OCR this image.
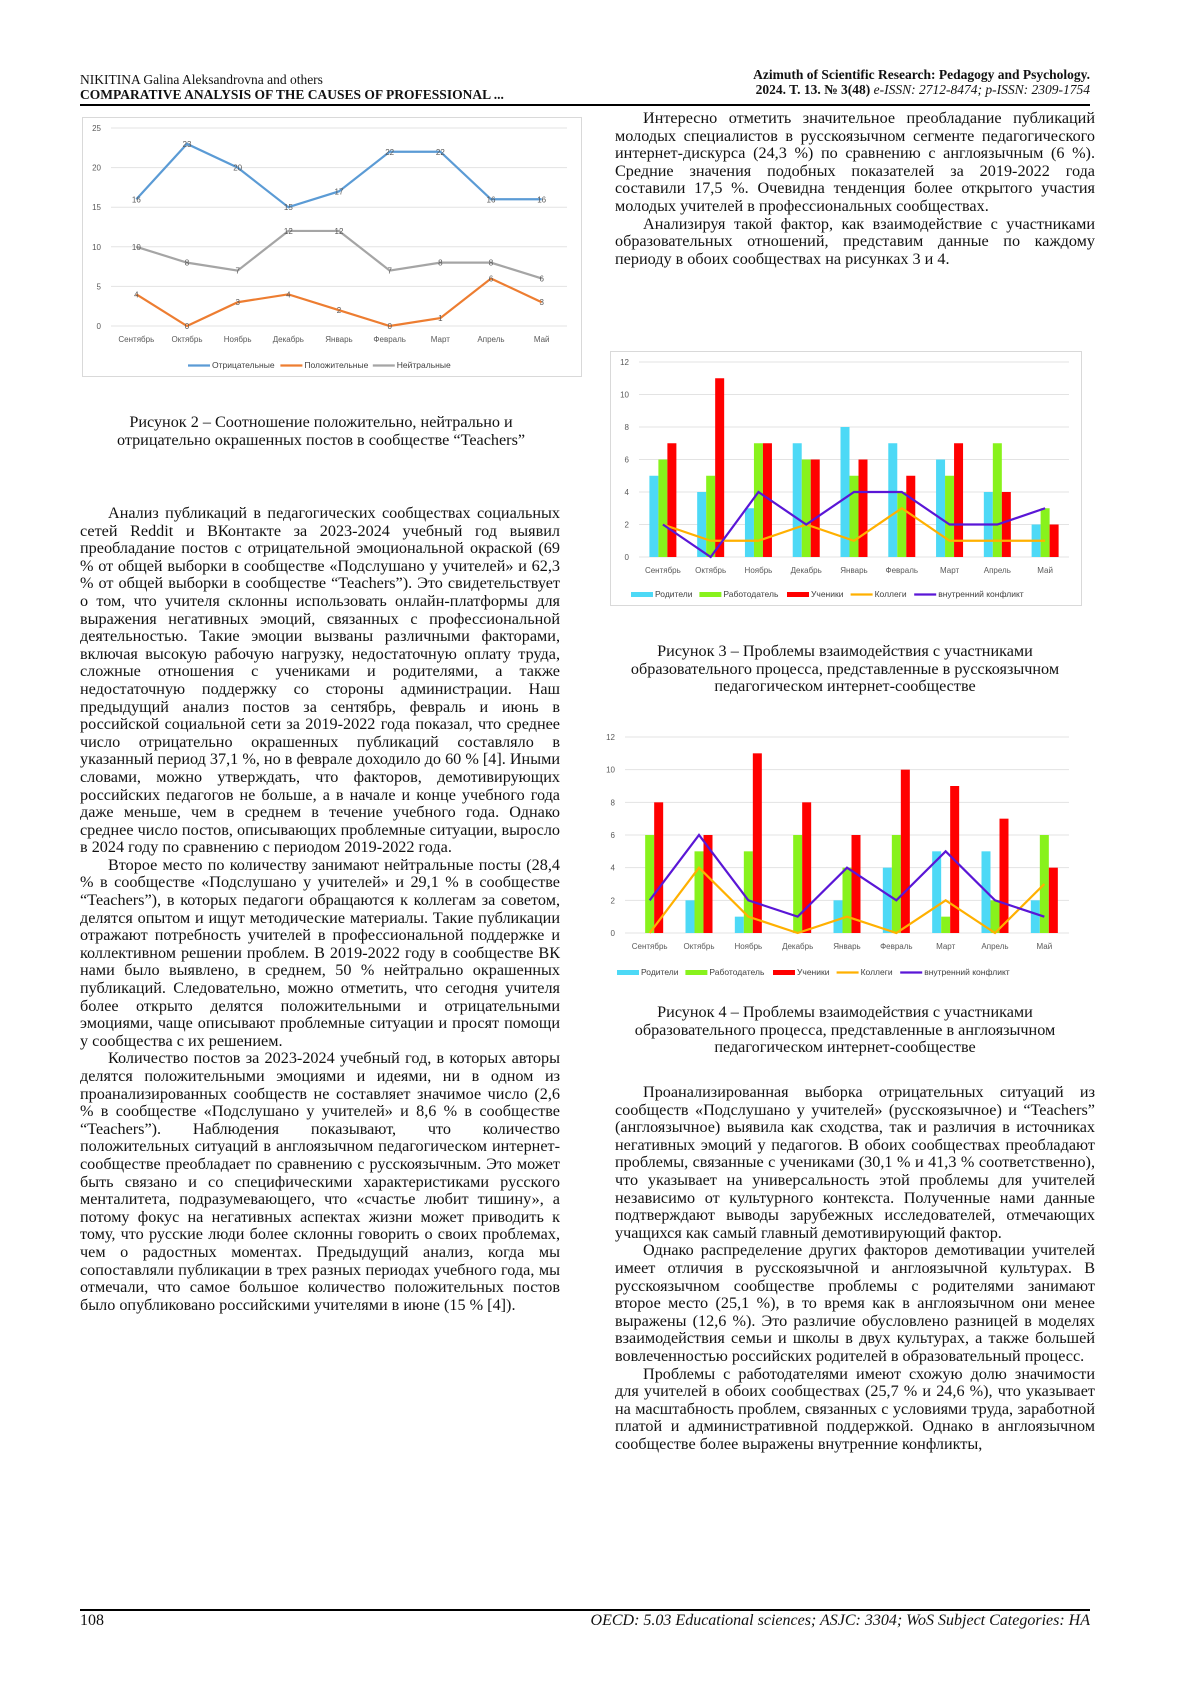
NIKITINA Galina Aleksandrovna and others
COMPARATIVE ANALYSIS OF THE CAUSES OF PROFESSIONAL ...
Azimuth of Scientific Research: Pedagogy and Psychology.
2024. T. 13. № 3(48) e-ISSN: 2712-8474; p-ISSN: 2309-1754
0
5
10
15
20
25
Сентябрь Октябрь	Ноябрь	Декабрь	Январь	Февраль	Март	Апрель	Май
16
23
20
15
17
22	22
16	16
4
0
3
4
2
0
1
6
3
10
8
7
12	12
7
8	8
6
Отрицательные	Положительные	Нейтральные
Рисунок 2 – Соотношение положительно, нейтрально и отрицательно окрашенных постов в сообществе “Teachers”

Анализ публикаций в педагогических сообществах социальных сетей Reddit и ВКонтакте за 2023-2024 учебный год выявил преобладание постов с отрицательной эмоциональной окраской (69 % от общей выборки в сообществе «Подслушано у учителей» и 62,3 % от общей выборки в сообществе “Teachers”). Это свидетельствует о том, что учителя склонны использовать онлайн-платформы для выражения негативных эмоций, связанных с профессиональной деятельностью. Такие эмоции вызваны различными факторами, включая высокую рабочую нагрузку, недостаточную оплату труда, сложные отношения с учениками и родителями, а также недостаточную поддержку со стороны администрации. Наш предыдущий анализ постов за сентябрь, февраль и июнь в российской социальной сети за 2019-2022 года показал, что среднее число отрицательно окрашенных публикаций составляло в указанный период 37,1 %, но в феврале доходило до 60 % [4]. Иными словами, можно утверждать, что факторов, демотивирующих российских педагогов не больше, а в начале и конце учебного года даже меньше, чем в среднем в течение учебного года. Однако среднее число постов, описывающих проблемные ситуации, выросло в 2024 году по сравнению с периодом 2019-2022 года.

Второе место по количеству занимают нейтральные посты (28,4 % в сообществе «Подслушано у учителей» и 29,1 % в сообществе “Teachers”), в которых педагоги обращаются к коллегам за советом, делятся опытом и ищут методические материалы. Такие публикации отражают потребность учителей в профессиональной поддержке и коллективном решении проблем. В 2019-2022 году в сообществе ВК нами было выявлено, в среднем, 50 % нейтрально окрашенных публикаций. Следовательно, можно отметить, что сегодня учителя более открыто делятся положительными и отрицательными эмоциями, чаще описывают проблемные ситуации и просят помощи у сообщества с их решением.

Количество постов за 2023-2024 учебный год, в которых авторы делятся положительными эмоциями и идеями, ни в одном из проанализированных сообществ не составляет значимое число (2,6 % в сообществе «Подслушано у учителей» и 8,6 % в сообществе “Teachers”). Наблюдения показывают, что количество положительных ситуаций в англоязычном педагогическом интернет-сообществе преобладает по сравнению с русскоязычным. Это может быть связано и со специфическими характеристиками русского менталитета, подразумевающего, что «счастье любит тишину», а потому фокус на негативных аспектах жизни может приводить к тому, что русские люди более склонны говорить о своих проблемах, чем о радостных моментах. Предыдущий анализ, когда мы сопоставляли публикации в трех разных периодах учебного года, мы отмечали, что самое большое количество положительных постов было опубликовано российскими учителями в июне (15 % [4]).

Интересно отметить значительное преобладание публикаций молодых специалистов в русскоязычном сегменте педагогического интернет-дискурса (24,3 %) по сравнению с англоязычным (6 %). Средние значения подобных показателей за 2019-2022 года составили 17,5 %. Очевидна тенденция более открытого участия молодых учителей в профессиональных сообществах.

Анализируя такой фактор, как взаимодействие с участниками образовательных отношений, представим данные по каждому периоду в обоих сообществах на рисунках 3 и 4.

0
2
4
6
8
10
12
Сентябрь Октябрь Ноябрь Декабрь Январь Февраль	Март	Апрель	Май
Родители	Работодатель	Ученики	Коллеги	внутренний конфликт
Рисунок 3 – Проблемы взаимодействия с участниками образовательного процесса, представленные в русскоязычном педагогическом интернет-сообществе
0
2
4
6
8
10
12
Сентябрь Октябрь Ноябрь Декабрь	Январь Февраль	Март	Апрель	Май
Родители	Работодатель	Ученики	Коллеги	внутренний конфликт
Рисунок 4 – Проблемы взаимодействия с участниками образовательного процесса, представленные в англоязычном педагогическом интернет-сообществе

Проанализированная выборка отрицательных ситуаций из сообществ «Подслушано у учителей» (русскоязычное) и “Teachers” (англоязычное) выявила как сходства, так и различия в источниках негативных эмоций у педагогов. В обоих сообществах преобладают проблемы, связанные с учениками (30,1 % и 41,3 % соответственно), что указывает на универсальность этой проблемы для учителей независимо от культурного контекста. Полученные нами данные подтверждают выводы зарубежных исследователей, отмечающих учащихся как самый главный демотивирующий фактор.

Однако распределение других факторов демотивации учителей имеет отличия в русскоязычной и англоязычной культурах. В русскоязычном сообществе проблемы с родителями занимают второе место (25,1 %), в то время как в англоязычном они менее выражены (12,6 %). Это различие обусловлено разницей в моделях взаимодействия семьи и школы в двух культурах, а также большей вовлеченностью российских родителей в образовательный процесс.

Проблемы с работодателями имеют схожую долю значимости для учителей в обоих сообществах (25,7 % и 24,6 %), что указывает на масштабность проблем, связанных с условиями труда, заработной платой и административной поддержкой. Однако в англоязычном сообществе более выражены внутренние конфликты,

108	OECD: 5.03 Educational sciences; ASJC: 3304; WoS Subject Categories: HA
